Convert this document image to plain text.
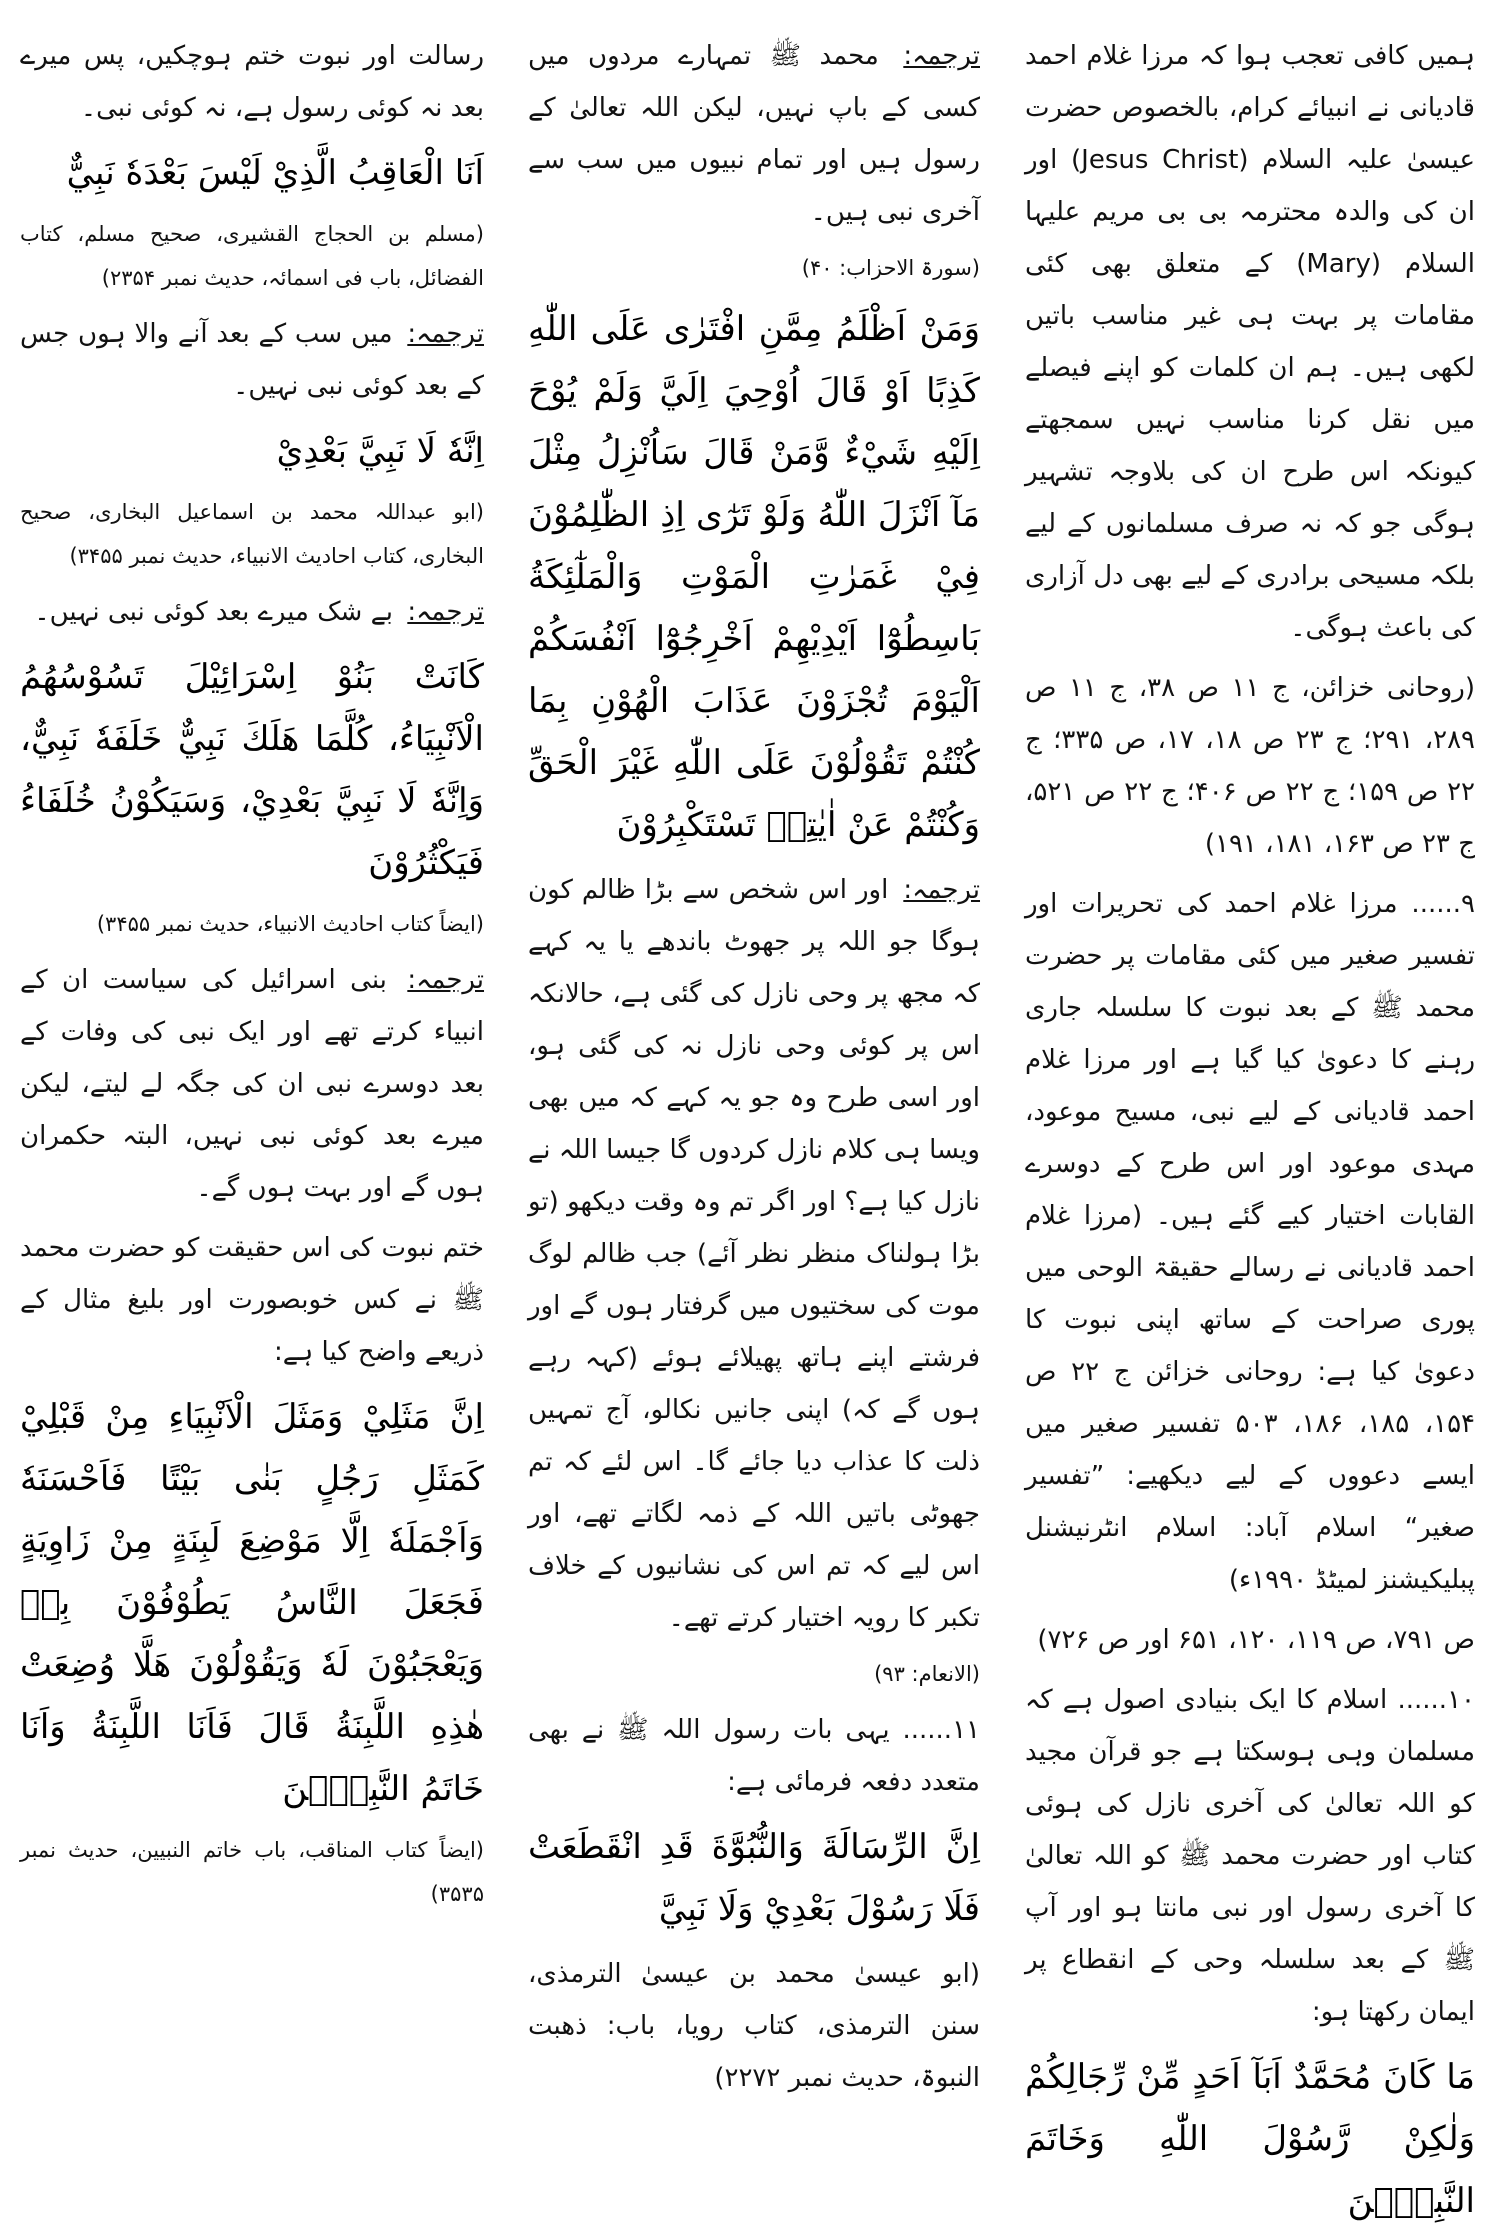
ہمیں کافی تعجب ہوا کہ مرزا غلام احمد قادیانی نے انبیائے کرام، بالخصوص حضرت عیسیٰ علیہ السلام (Jesus Christ) اور ان کی والدہ محترمہ بی بی مریم علیہا السلام (Mary) کے متعلق بھی کئی مقامات پر بہت ہی غیر مناسب باتیں لکھی ہیں۔ ہم ان کلمات کو اپنے فیصلے میں نقل کرنا مناسب نہیں سمجھتے کیونکہ اس طرح ان کی بلاوجہ تشہیر ہوگی جو کہ نہ صرف مسلمانوں کے لیے بلکہ مسیحی برادری کے لیے بھی دل آزاری کی باعث ہوگی۔
(روحانی خزائن، ج ۱۱ ص ۳۸، ج ۱۱ ص ۲۸۹، ۲۹۱؛ ج ۲۳ ص ۱۸، ۱۷، ص ۳۳۵؛ ج ۲۲ ص ۱۵۹؛ ج ۲۲ ص ۴۰۶؛ ج ۲۲ ص ۵۲۱، ج ۲۳ ص ۱۶۳، ۱۸۱، ۱۹۱)
۹...... مرزا غلام احمد کی تحریرات اور تفسیر صغیر میں کئی مقامات پر حضرت محمد ﷺ کے بعد نبوت کا سلسلہ جاری رہنے کا دعویٰ کیا گیا ہے اور مرزا غلام احمد قادیانی کے لیے نبی، مسیح موعود، مہدی موعود اور اس طرح کے دوسرے القابات اختیار کیے گئے ہیں۔ (مرزا غلام احمد قادیانی نے رسالے حقیقۃ الوحی میں پوری صراحت کے ساتھ اپنی نبوت کا دعویٰ کیا ہے: روحانی خزائن ج ۲۲ ص ۱۵۴، ۱۸۵، ۱۸۶، ۵۰۳ تفسیر صغیر میں ایسے دعووں کے لیے دیکھیے: ”تفسیر صغیر“ اسلام آباد: اسلام انٹرنیشنل پبلیکیشنز لمیٹڈ ۱۹۹۰ء)
ص ۷۹۱، ص ۱۱۹، ۱۲۰، ۶۵۱ اور ص ۷۲۶)
۱۰...... اسلام کا ایک بنیادی اصول ہے کہ مسلمان وہی ہوسکتا ہے جو قرآن مجید کو اللہ تعالیٰ کی آخری نازل کی ہوئی کتاب اور حضرت محمد ﷺ کو اللہ تعالیٰ کا آخری رسول اور نبی مانتا ہو اور آپ ﷺ کے بعد سلسلہ وحی کے انقطاع پر ایمان رکھتا ہو:
مَا كَانَ مُحَمَّدٌ اَبَآ اَحَدٍ مِّنْ رِّجَالِكُمْ وَلٰكِنْ رَّسُوْلَ اللّٰهِ وَخَاتَمَ النَّبِيّٖنَ
ترجمہ: محمد ﷺ تمہارے مردوں میں کسی کے باپ نہیں، لیکن اللہ تعالیٰ کے رسول ہیں اور تمام نبیوں میں سب سے آخری نبی ہیں۔
(سورۃ الاحزاب: ۴۰)
وَمَنْ اَظْلَمُ مِمَّنِ افْتَرٰى عَلَى اللّٰهِ كَذِبًا اَوْ قَالَ اُوْحِيَ اِلَيَّ وَلَمْ يُوْحَ اِلَيْهِ شَيْءٌ وَّمَنْ قَالَ سَاُنْزِلُ مِثْلَ مَآ اَنْزَلَ اللّٰهُ وَلَوْ تَرٰٓى اِذِ الظّٰلِمُوْنَ فِيْ غَمَرٰتِ الْمَوْتِ وَالْمَلٰٓئِكَةُ بَاسِطُوْٓا اَيْدِيْهِمْ اَخْرِجُوْٓا اَنْفُسَكُمْ اَلْيَوْمَ تُجْزَوْنَ عَذَابَ الْهُوْنِ بِمَا كُنْتُمْ تَقُوْلُوْنَ عَلَى اللّٰهِ غَيْرَ الْحَقِّ وَكُنْتُمْ عَنْ اٰيٰتِهٖ تَسْتَكْبِرُوْنَ
ترجمہ: اور اس شخص سے بڑا ظالم کون ہوگا جو اللہ پر جھوٹ باندھے یا یہ کہے کہ مجھ پر وحی نازل کی گئی ہے، حالانکہ اس پر کوئی وحی نازل نہ کی گئی ہو، اور اسی طرح وہ جو یہ کہے کہ میں بھی ویسا ہی کلام نازل کردوں گا جیسا اللہ نے نازل کیا ہے؟ اور اگر تم وہ وقت دیکھو (تو بڑا ہولناک منظر نظر آئے) جب ظالم لوگ موت کی سختیوں میں گرفتار ہوں گے اور فرشتے اپنے ہاتھ پھیلائے ہوئے (کہہ رہے ہوں گے کہ) اپنی جانیں نکالو، آج تمہیں ذلت کا عذاب دیا جائے گا۔ اس لئے کہ تم جھوٹی باتیں اللہ کے ذمہ لگاتے تھے، اور اس لیے کہ تم اس کی نشانیوں کے خلاف تکبر کا رویہ اختیار کرتے تھے۔
(الانعام: ۹۳)
۱۱...... یہی بات رسول اللہ ﷺ نے بھی متعدد دفعہ فرمائی ہے:
اِنَّ الرِّسَالَةَ وَالنُّبُوَّةَ قَدِ انْقَطَعَتْ فَلَا رَسُوْلَ بَعْدِيْ وَلَا نَبِيَّ
(ابو عیسیٰ محمد بن عیسیٰ الترمذی، سنن الترمذی، کتاب رویا، باب: ذھبت النبوۃ، حدیث نمبر ۲۲۷۲)
رسالت اور نبوت ختم ہوچکیں، پس میرے بعد نہ کوئی رسول ہے، نہ کوئی نبی۔
اَنَا الْعَاقِبُ الَّذِيْ لَيْسَ بَعْدَهٗ نَبِيٌّ
(مسلم بن الحجاج القشیری، صحیح مسلم، کتاب الفضائل، باب فی اسمائہ، حدیث نمبر ۲۳۵۴)
ترجمہ: میں سب کے بعد آنے والا ہوں جس کے بعد کوئی نبی نہیں۔
اِنَّهٗ لَا نَبِيَّ بَعْدِيْ
(ابو عبداللہ محمد بن اسماعیل البخاری، صحیح البخاری، کتاب احادیث الانبیاء، حدیث نمبر ۳۴۵۵)
ترجمہ: بے شک میرے بعد کوئی نبی نہیں۔
كَانَتْ بَنُوْ اِسْرَائِيْلَ تَسُوْسُهُمُ الْاَنْبِيَاءُ، كُلَّمَا هَلَكَ نَبِيٌّ خَلَفَهٗ نَبِيٌّ، وَاِنَّهٗ لَا نَبِيَّ بَعْدِيْ، وَسَيَكُوْنُ خُلَفَاءُ فَيَكْثُرُوْنَ
(ایضاً کتاب احادیث الانبیاء، حدیث نمبر ۳۴۵۵)
ترجمہ: بنی اسرائیل کی سیاست ان کے انبیاء کرتے تھے اور ایک نبی کی وفات کے بعد دوسرے نبی ان کی جگہ لے لیتے، لیکن میرے بعد کوئی نبی نہیں، البتہ حکمران ہوں گے اور بہت ہوں گے۔
ختم نبوت کی اس حقیقت کو حضرت محمد ﷺ نے کس خوبصورت اور بلیغ مثال کے ذریعے واضح کیا ہے:
اِنَّ مَثَلِيْ وَمَثَلَ الْاَنْبِيَاءِ مِنْ قَبْلِيْ كَمَثَلِ رَجُلٍ بَنٰى بَيْتًا فَاَحْسَنَهٗ وَاَجْمَلَهٗ اِلَّا مَوْضِعَ لَبِنَةٍ مِنْ زَاوِيَةٍ فَجَعَلَ النَّاسُ يَطُوْفُوْنَ بِهٖ وَيَعْجَبُوْنَ لَهٗ وَيَقُوْلُوْنَ هَلَّا وُضِعَتْ هٰذِهِ اللَّبِنَةُ قَالَ فَاَنَا اللَّبِنَةُ وَاَنَا خَاتَمُ النَّبِيّٖنَ
(ایضاً کتاب المناقب، باب خاتم النبیین، حدیث نمبر ۳۵۳۵)
